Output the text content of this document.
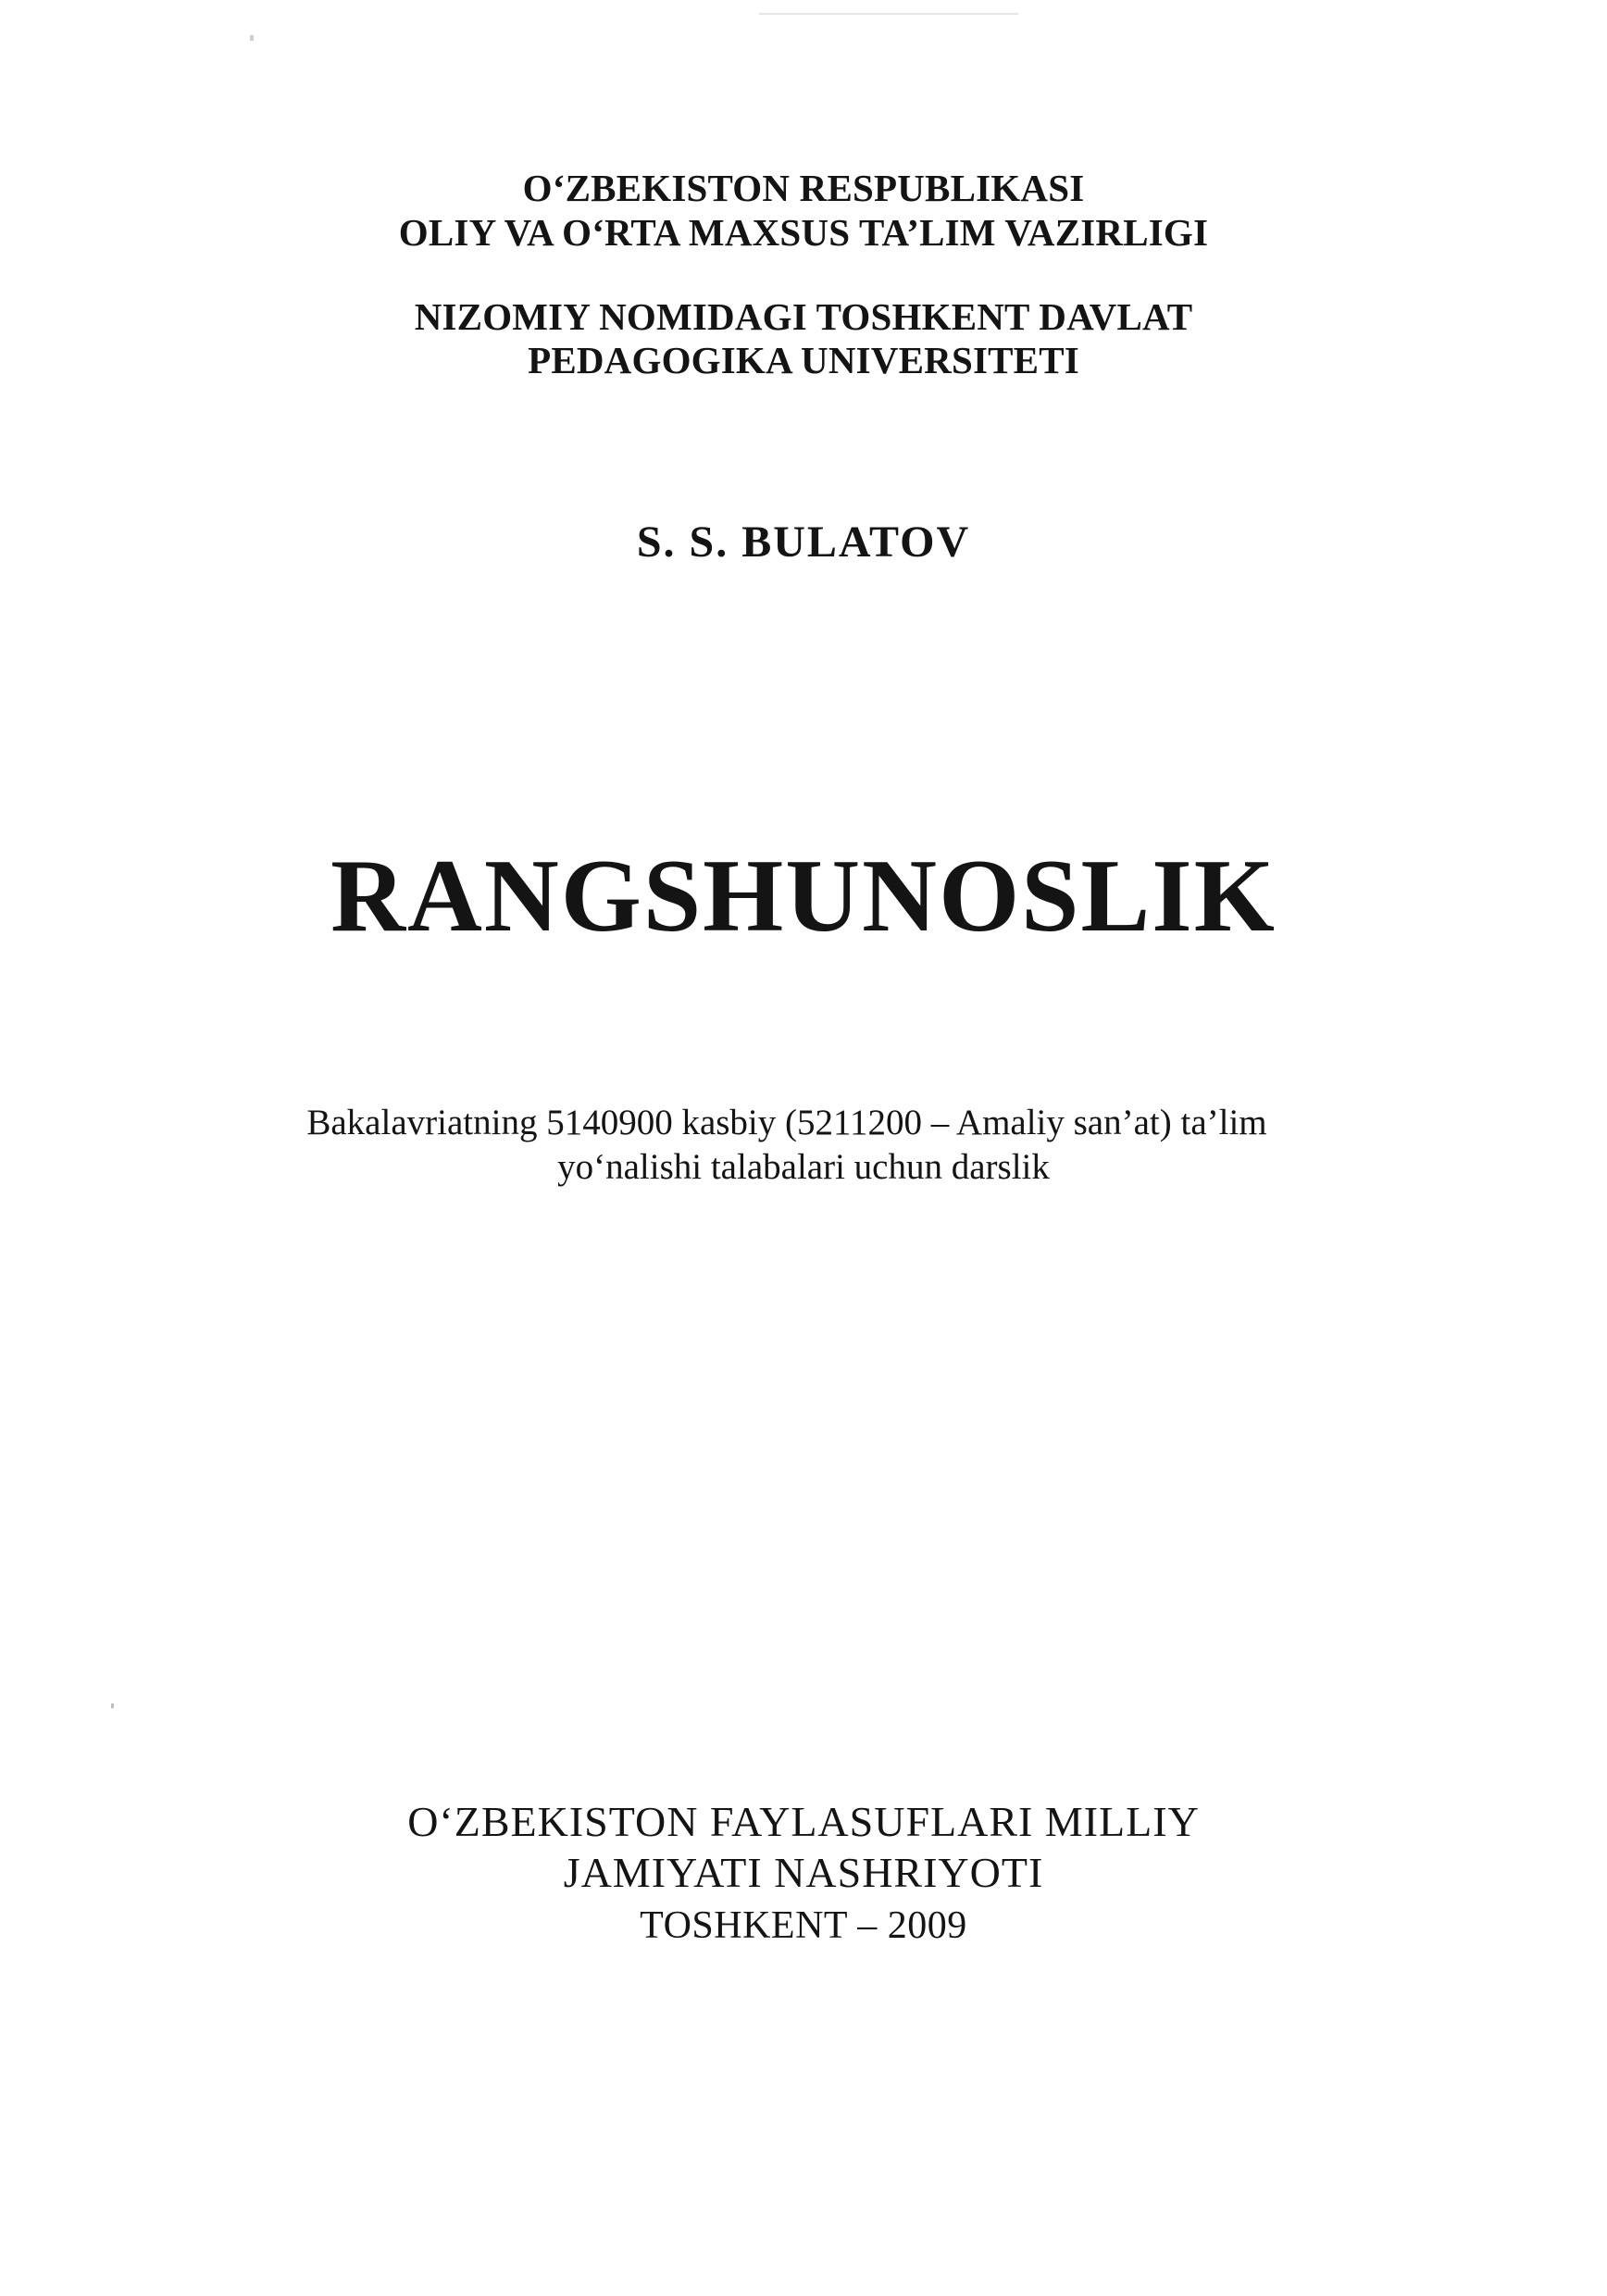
O‘ZBEKISTON RESPUBLIKASI
OLIY VA O‘RTA MAXSUS TA’LIM VAZIRLIGI
NIZOMIY NOMIDAGI TOSHKENT DAVLAT
PEDAGOGIKA UNIVERSITETI
S. S. BULATOV
RANGSHUNOSLIK
Bakalavriatning 5140900 kasbiy (5211200 – Amaliy san’at) ta’lim
yo‘nalishi talabalari uchun darslik
O‘ZBEKISTON FAYLASUFLARI MILLIY
JAMIYATI NASHRIYOTI
TOSHKENT – 2009
